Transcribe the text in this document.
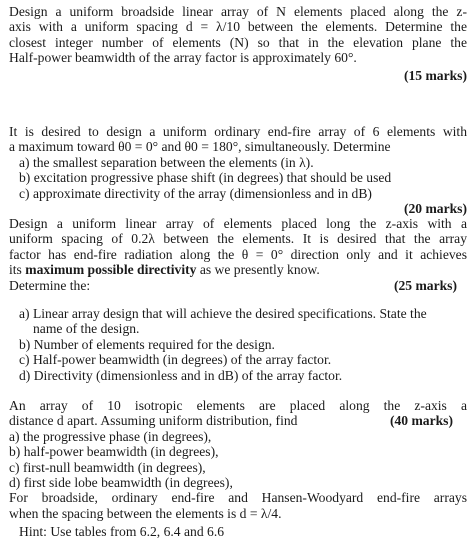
Design a uniform broadside linear array of N elements placed along the z-
axis with a uniform spacing d = λ/10 between the elements. Determine the
closest integer number of elements (N) so that in the elevation plane the
Half-power beamwidth of the array factor is approximately 60°.
(15 marks)
It is desired to design a uniform ordinary end-fire array of 6 elements with
a maximum toward θ0 = 0° and θ0 = 180°, simultaneously. Determine
a) the smallest separation between the elements (in λ).
b) excitation progressive phase shift (in degrees) that should be used
c) approximate directivity of the array (dimensionless and in dB)
(20 marks)
Design a uniform linear array of elements placed long the z-axis with a
uniform spacing of 0.2λ between the elements. It is desired that the array
factor has end-fire radiation along the θ = 0° direction only and it achieves
its maximum possible directivity as we presently know.
Determine the:	(25 marks)
a) Linear array design that will achieve the desired specifications. State the
name of the design.
b) Number of elements required for the design.
c) Half-power beamwidth (in degrees) of the array factor.
d) Directivity (dimensionless and in dB) of the array factor.
An array of 10 isotropic elements are placed along the z-axis a
distance d apart. Assuming uniform distribution, find	(40 marks)
a) the progressive phase (in degrees),
b) half-power beamwidth (in degrees),
c) first-null beamwidth (in degrees),
d) first side lobe beamwidth (in degrees),
For broadside, ordinary end-fire and Hansen-Woodyard end-fire arrays
when the spacing between the elements is d = λ/4.
Hint: Use tables from 6.2, 6.4 and 6.6
